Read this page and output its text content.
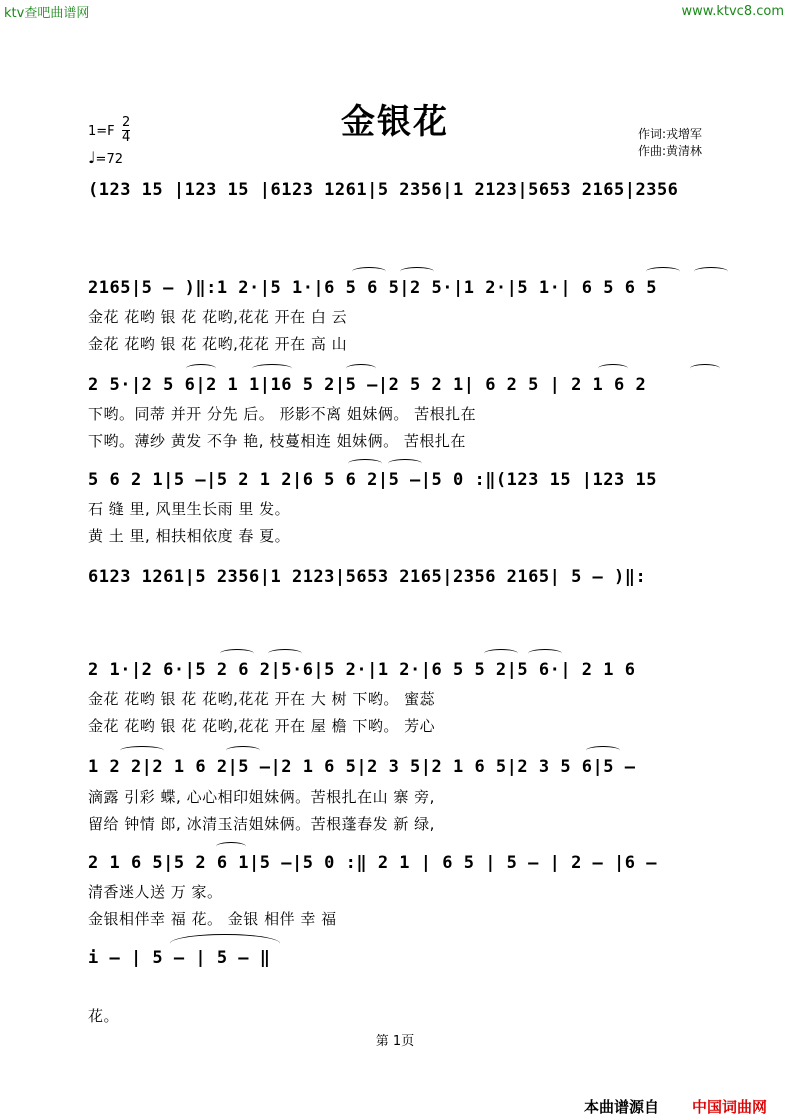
ktv查吧曲谱网	www.ktvc8.com
金银花
$1=F \frac{2}{4}$
♩=72
作词:戎增军
作曲:黄清林
(123 15 |123 15 |6123 1261|5 2356|1 2123|5653 2165|2356
2165|5 – )‖:1 2·|5 1·|6 5 6 5|2 5·|1 2·|5 1·| 6 5 6 5
金花 花哟 银 花 花哟,花花 开在 白 云
金花 花哟 银 花 花哟,花花 开在 高 山
2 5·|2 5 6|2 1 1|16 5 2|5 –|2 5 2 1| 6 2 5 | 2 1 6 2
下哟。同蒂 并开 分先 后。 形影不离 姐妹俩。 苦根扎在
下哟。薄纱 黄发 不争 艳, 枝蔓相连 姐妹俩。 苦根扎在
5 6 2 1|5 –|5 2 1 2|6 5 6 2|5 –|5 0 :‖(123 15 |123 15
石 缝 里, 风里生长雨 里 发。
黄 土 里, 相扶相依度 春 夏。
6123 1261|5 2356|1 2123|5653 2165|2356 2165| 5 – )‖:
2 1·|2 6·|5 2 6 2|5·6|5 2·|1 2·|6 5 5 2|5 6·| 2 1 6
金花 花哟 银 花 花哟,花花 开在 大 树 下哟。 蜜蕊
金花 花哟 银 花 花哟,花花 开在 屋 檐 下哟。 芳心
1 2 2|2 1 6 2|5 –|2 1 6 5|2 3 5|2 1 6 5|2 3 5 6|5 –
滴露 引彩 蝶, 心心相印姐妹俩。苦根扎在山 寨 旁,
留给 钟情 郎, 冰清玉洁姐妹俩。苦根蓬春发 新 绿,
2 1 6 5|5 2 6 1|5 –|5 0 :‖ 2 1 | 6 5 | 5 – | 2 – |6 –
清香迷人送 万 家。
金银相伴幸 福 花。 金银 相伴 幸 福
i – | 5 – | 5 – ‖
花。
第 1页
本曲谱源自 中国词曲网
